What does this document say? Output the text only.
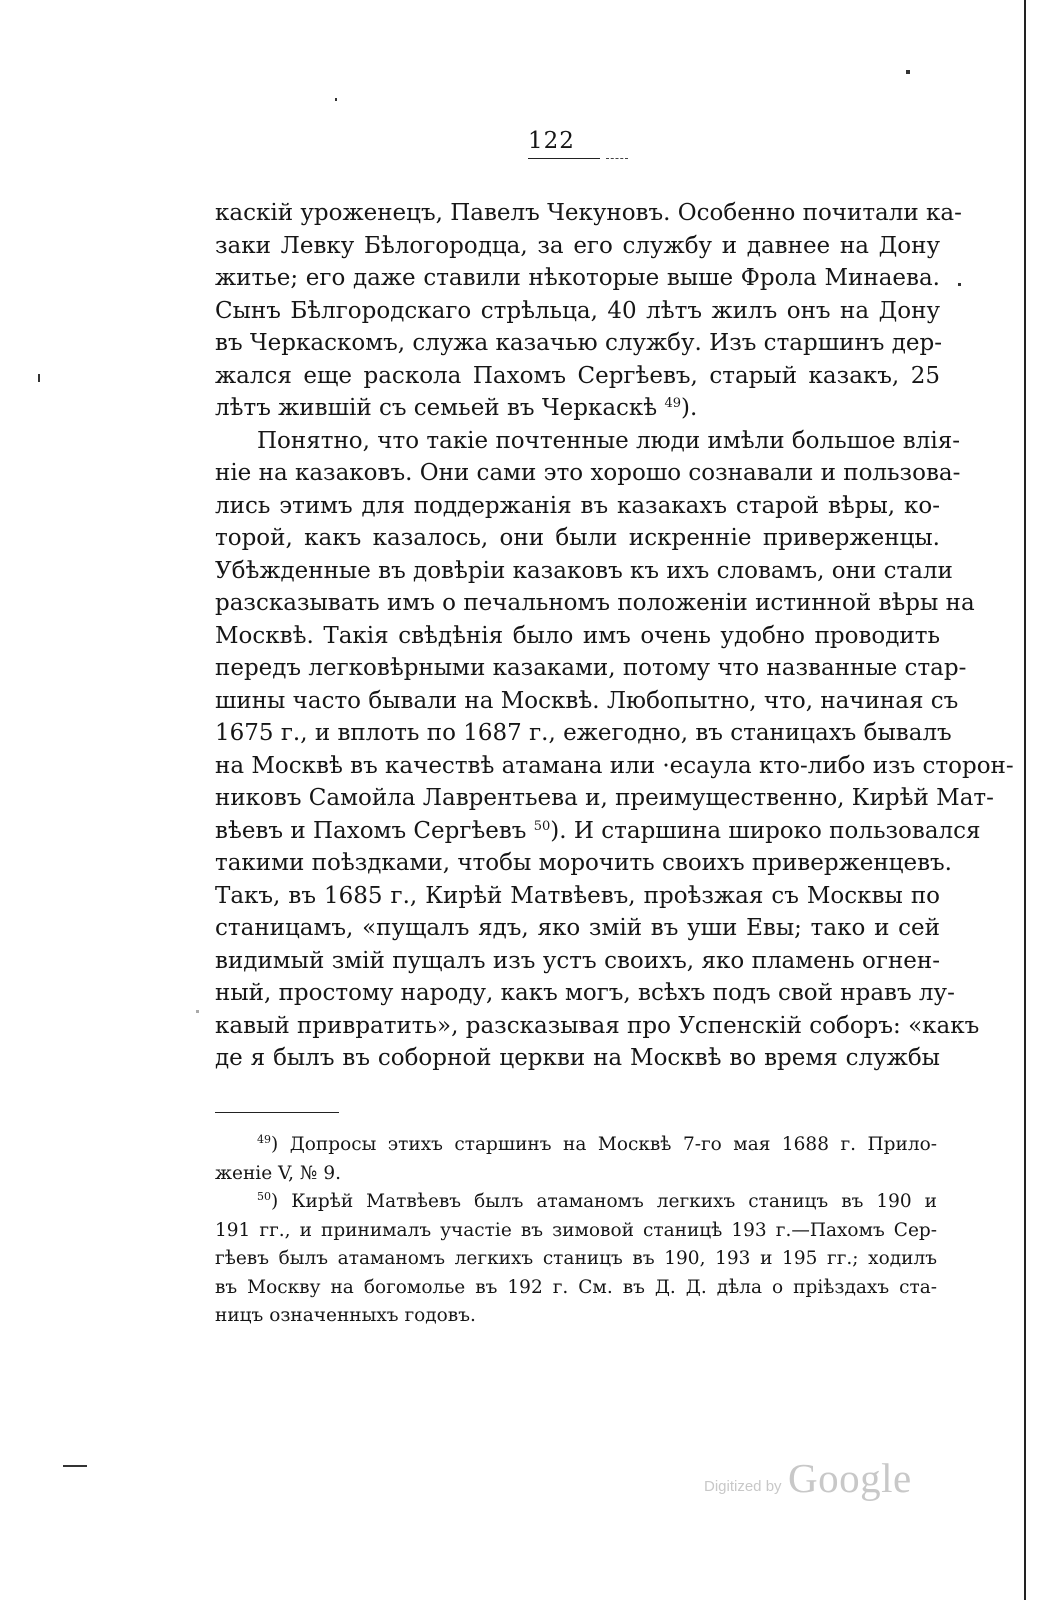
122
каскій уроженецъ, Павелъ Чекуновъ. Особенно почитали ка-
заки Левку Бѣлогородца, за его службу и давнее на Дону
житье; его даже ставили нѣкоторые выше Фрола Минаева.
Сынъ Бѣлгородскаго стрѣльца, 40 лѣтъ жилъ онъ на Дону
въ Черкаскомъ, служа казачью службу. Изъ старшинъ дер-
жался еще раскола Пахомъ Сергѣевъ, старый казакъ, 25
лѣтъ жившій съ семьей въ Черкаскѣ $^{49}$).
Понятно, что такіе почтенные люди имѣли большое влія-
ніе на казаковъ. Они сами это хорошо сознавали и пользова-
лись этимъ для поддержанія въ казакахъ старой вѣры, ко-
торой, какъ казалось, они были искренніе приверженцы.
Убѣжденные въ довѣріи казаковъ къ ихъ словамъ, они стали
разсказывать имъ о печальномъ положеніи истинной вѣры на
Москвѣ. Такія свѣдѣнія было имъ очень удобно проводить
передъ легковѣрными казаками, потому что названные стар-
шины часто бывали на Москвѣ. Любопытно, что, начиная съ
1675 г., и вплоть по 1687 г., ежегодно, въ станицахъ бывалъ
на Москвѣ въ качествѣ атамана или ·есаула кто-либо изъ сторон-
никовъ Самойла Лаврентьева и, преимущественно, Кирѣй Мат-
вѣевъ и Пахомъ Сергѣевъ $^{50}$). И старшина широко пользовался
такими поѣздками, чтобы морочить своихъ приверженцевъ.
Такъ, въ 1685 г., Кирѣй Матвѣевъ, проѣзжая съ Москвы по
станицамъ, «пущалъ ядъ, яко змій въ уши Евы; тако и сей
видимый змій пущалъ изъ устъ своихъ, яко пламень огнен-
ный, простому народу, какъ могъ, всѣхъ подъ свой нравъ лу-
кавый привратить», разсказывая про Успенскій соборъ: «какъ
де я былъ въ соборной церкви на Москвѣ во время службы
$^{49}$) Допросы этихъ старшинъ на Москвѣ 7-го мая 1688 г. Прило-
женіе V, № 9.
$^{50}$) Кирѣй Матвѣевъ былъ атаманомъ легкихъ станицъ въ 190 и
191 гг., и принималъ участіе въ зимовой станицѣ 193 г.—Пахомъ Сер-
гѣевъ былъ атаманомъ легкихъ станицъ въ 190, 193 и 195 гг.; ходилъ
въ Москву на богомолье въ 192 г. См. въ Д. Д. дѣла о пріѣздахъ ста-
ницъ означенныхъ годовъ.
Digitized by Google
